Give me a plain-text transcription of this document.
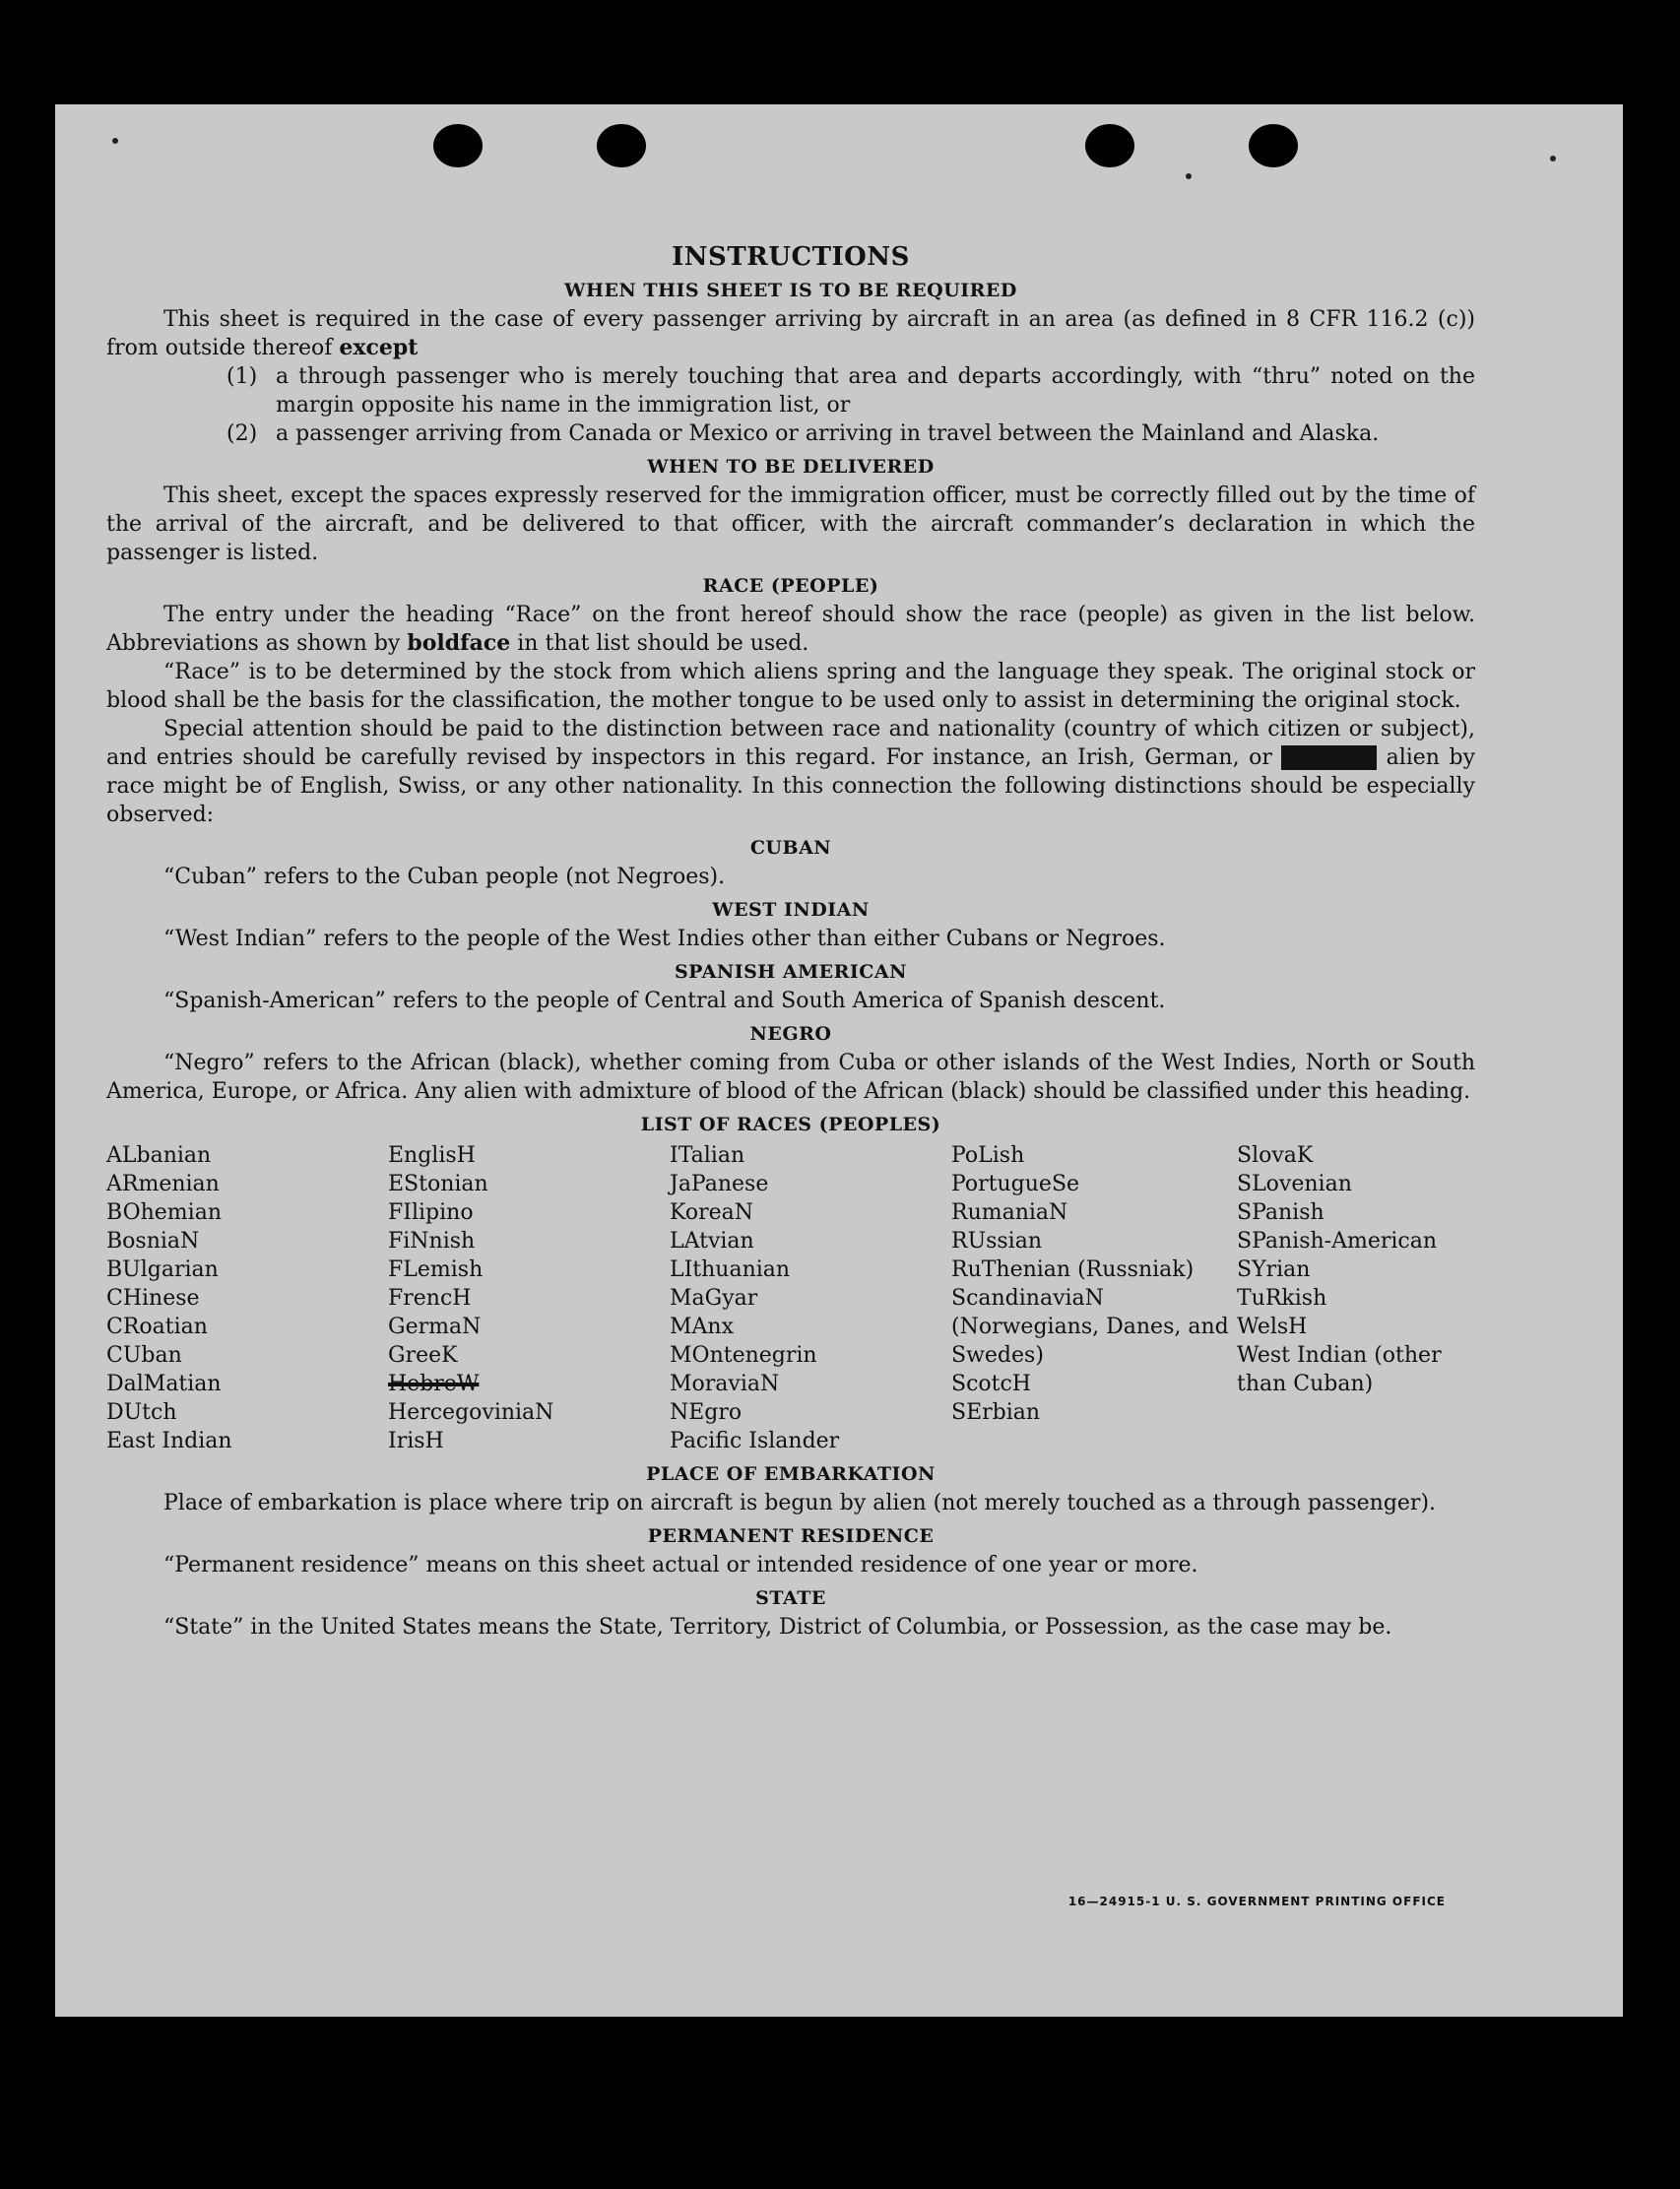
INSTRUCTIONS
WHEN THIS SHEET IS TO BE REQUIRED

This sheet is required in the case of every passenger arriving by aircraft in an area (as defined in 8 CFR 116.2 (c)) from outside thereof except

(1) a through passenger who is merely touching that area and departs accordingly, with “thru” noted on the margin opposite his name in the immigration list, or
(2) a passenger arriving from Canada or Mexico or arriving in travel between the Mainland and Alaska.
WHEN TO BE DELIVERED

This sheet, except the spaces expressly reserved for the immigration officer, must be correctly filled out by the time of the arrival of the aircraft, and be delivered to that officer, with the aircraft commander’s declaration in which the passenger is listed.

RACE (PEOPLE)

The entry under the heading “Race” on the front hereof should show the race (people) as given in the list below. Abbreviations as shown by boldface in that list should be used.

“Race” is to be determined by the stock from which aliens spring and the language they speak. The original stock or blood shall be the basis for the classification, the mother tongue to be used only to assist in determining the original stock.

Special attention should be paid to the distinction between race and nationality (country of which citizen or subject), and entries should be carefully revised by inspectors in this regard. For instance, an Irish, German, or Hebrew alien by race might be of English, Swiss, or any other nationality. In this connection the following distinctions should be especially observed:

CUBAN

“Cuban” refers to the Cuban people (not Negroes).

WEST INDIAN

“West Indian” refers to the people of the West Indies other than either Cubans or Negroes.

SPANISH AMERICAN

“Spanish-American” refers to the people of Central and South America of Spanish descent.

NEGRO

“Negro” refers to the African (black), whether coming from Cuba or other islands of the West Indies, North or South America, Europe, or Africa. Any alien with admixture of blood of the African (black) should be classified under this heading.

LIST OF RACES (PEOPLES)
ALbanian
ARmenian
BOhemian
BosniaN
BUlgarian
CHinese
CRoatian
CUban
DalMatian
DUtch
East Indian
EnglisH
EStonian
FIlipino
FiNnish
FLemish
FrencH
GermaN
GreeK
HebreW
HercegoviniaN
IrisH
ITalian
JaPanese
KoreaN
LAtvian
LIthuanian
MaGyar
MAnx
MOntenegrin
MoraviaN
NEgro
Pacific Islander
PoLish
PortugueSe
RumaniaN
RUssian
RuThenian (Russniak)
ScandinaviaN (Norwegians, Danes, and Swedes)
ScotcH
SErbian
SlovaK
SLovenian
SPanish
SPanish-American
SYrian
TuRkish
WelsH
West Indian (other than Cuban)
PLACE OF EMBARKATION

Place of embarkation is place where trip on aircraft is begun by alien (not merely touched as a through passenger).

PERMANENT RESIDENCE

“Permanent residence” means on this sheet actual or intended residence of one year or more.

STATE

“State” in the United States means the State, Territory, District of Columbia, or Possession, as the case may be.

16—24915-1 U. S. GOVERNMENT PRINTING OFFICE
